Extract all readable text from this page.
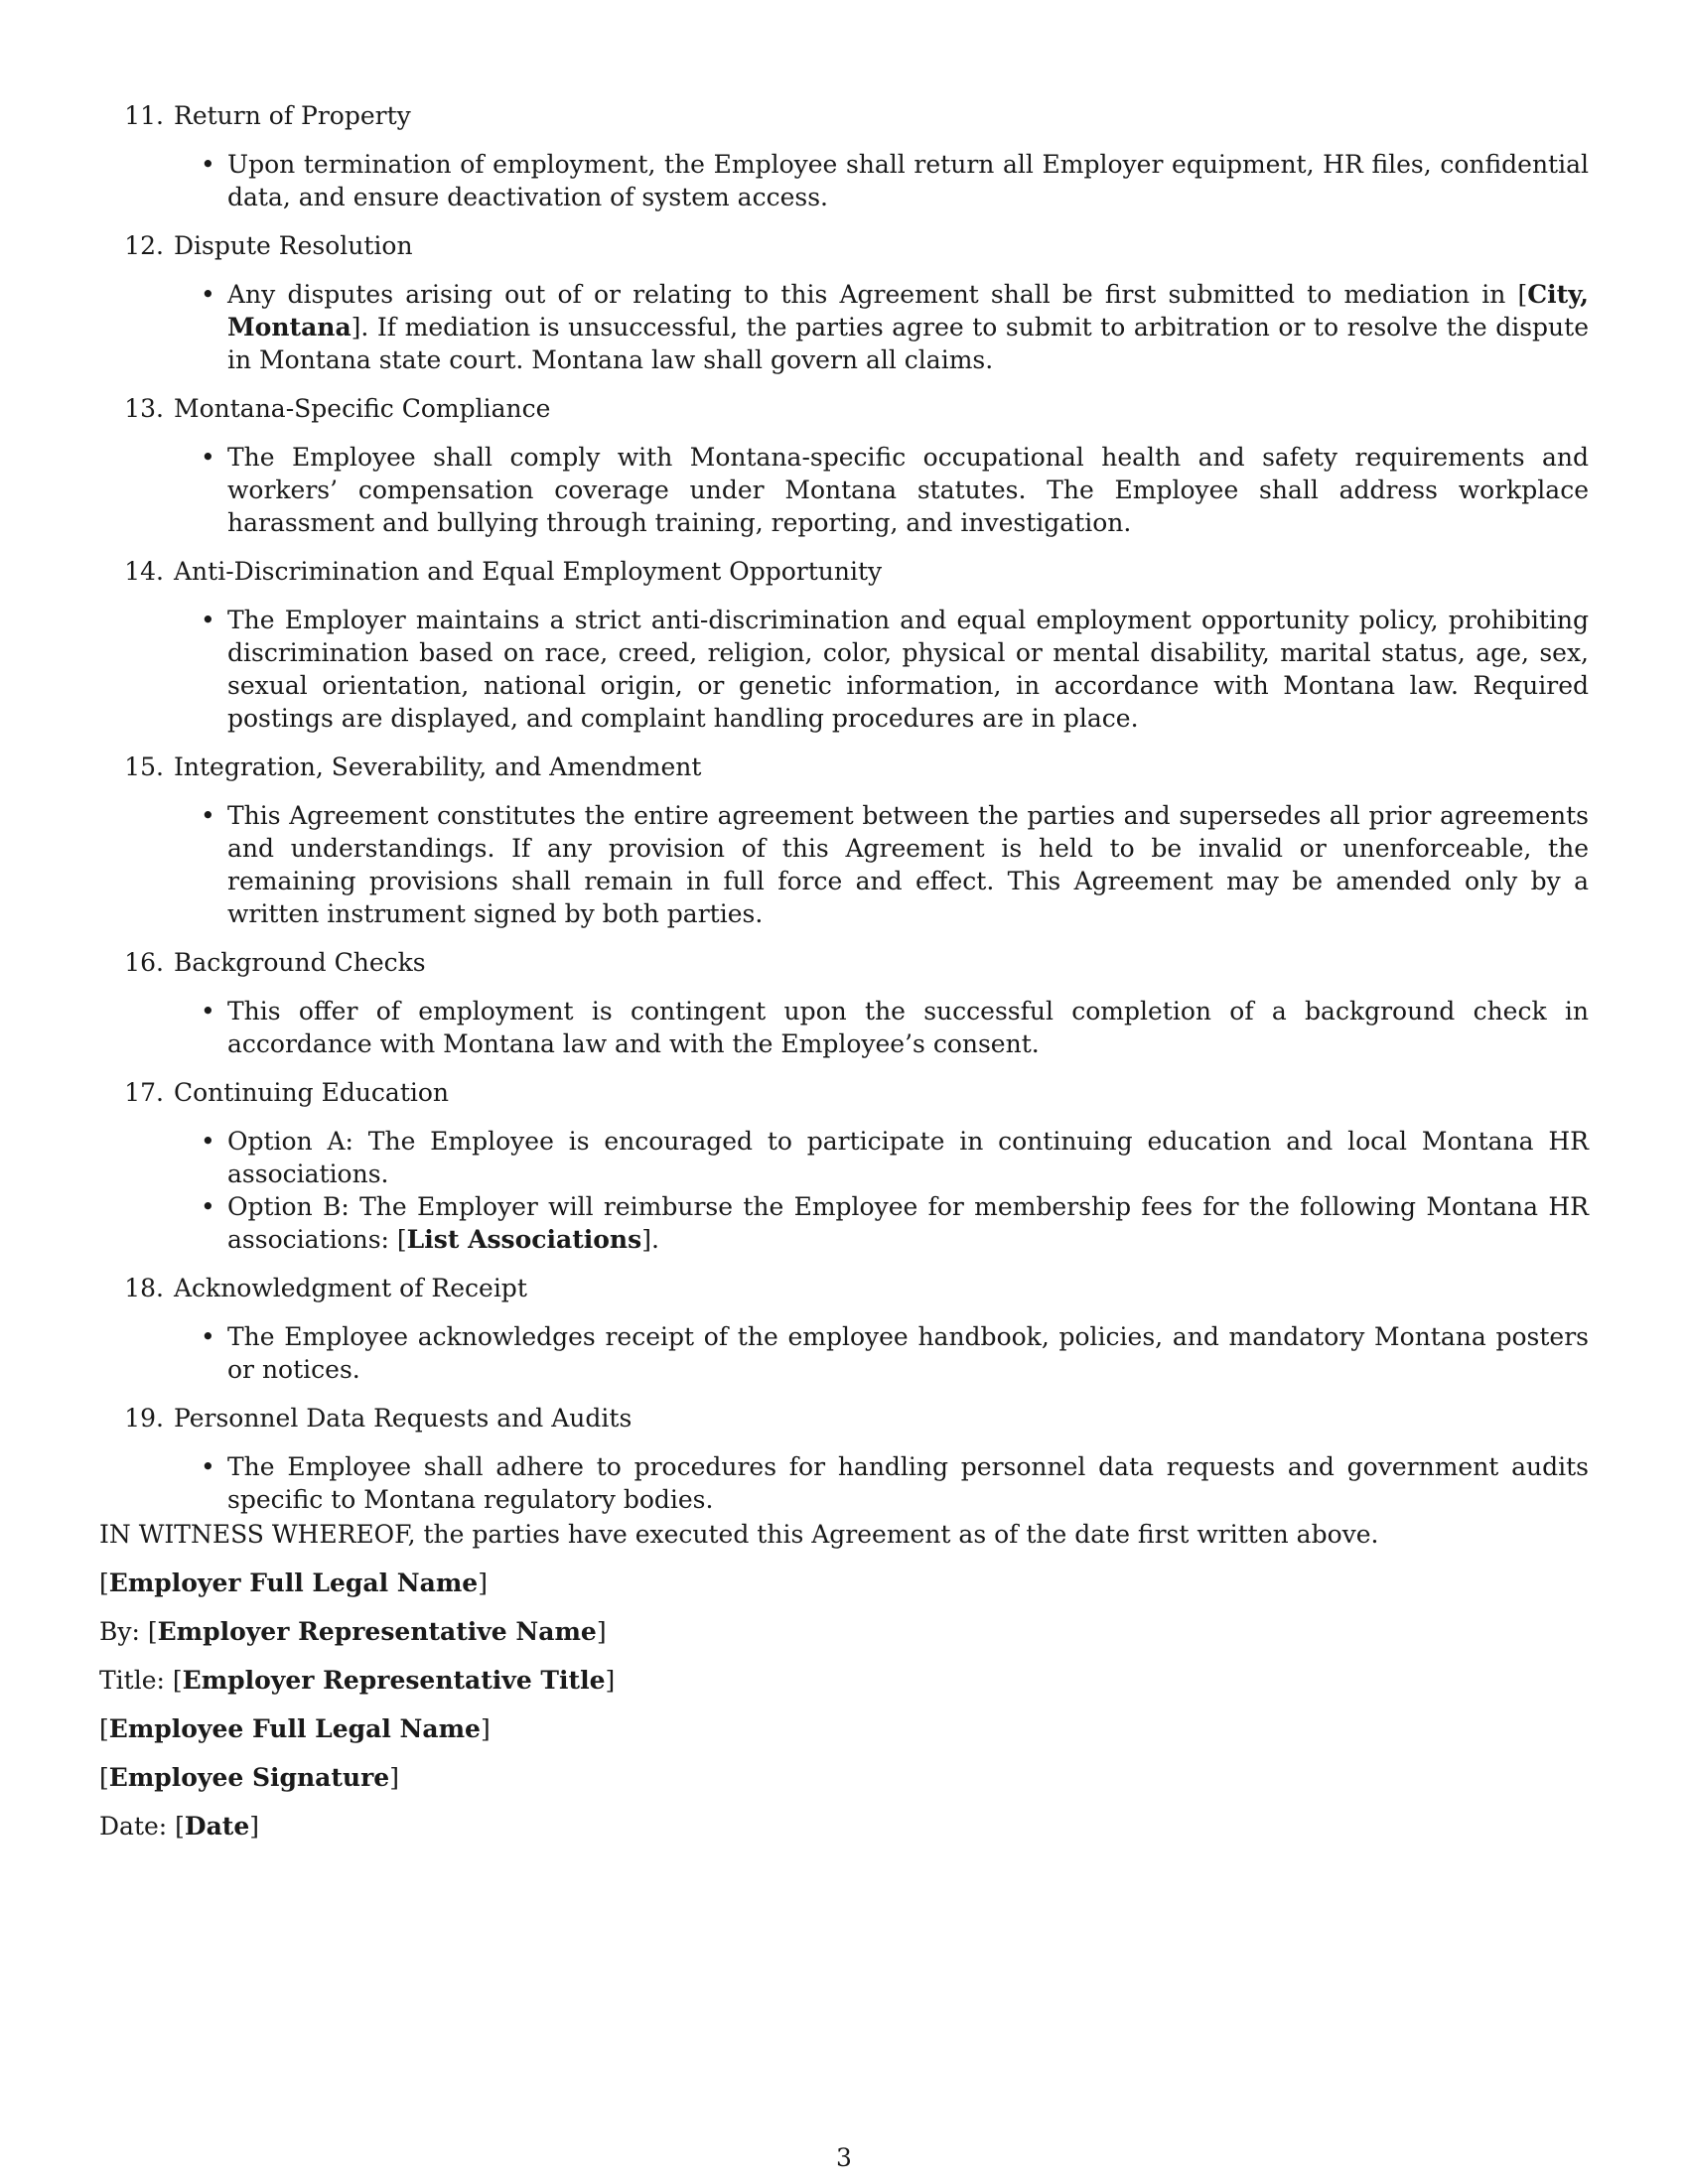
11. Return of Property
• Upon termination of employment, the Employee shall return all Employer equipment, HR files, confidential data, and ensure deactivation of system access.
12. Dispute Resolution
• Any disputes arising out of or relating to this Agreement shall be first submitted to mediation in [City, Montana]. If mediation is unsuccessful, the parties agree to submit to arbitration or to resolve the dispute in Montana state court. Montana law shall govern all claims.
13. Montana-Specific Compliance
• The Employee shall comply with Montana-specific occupational health and safety requirements and workers’ compensation coverage under Montana statutes. The Employee shall address workplace harassment and bullying through training, reporting, and investigation.
14. Anti-Discrimination and Equal Employment Opportunity
• The Employer maintains a strict anti-discrimination and equal employment opportunity policy, prohibiting discrimination based on race, creed, religion, color, physical or mental disability, marital status, age, sex, sexual orientation, national origin, or genetic information, in accordance with Montana law. Required postings are displayed, and complaint handling procedures are in place.
15. Integration, Severability, and Amendment
• This Agreement constitutes the entire agreement between the parties and supersedes all prior agreements and understandings. If any provision of this Agreement is held to be invalid or unenforceable, the remaining provisions shall remain in full force and effect. This Agreement may be amended only by a written instrument signed by both parties.
16. Background Checks
• This offer of employment is contingent upon the successful completion of a background check in accordance with Montana law and with the Employee’s consent.
17. Continuing Education
• Option A: The Employee is encouraged to participate in continuing education and local Montana HR associations.
• Option B: The Employer will reimburse the Employee for membership fees for the following Montana HR associations: [List Associations].
18. Acknowledgment of Receipt
• The Employee acknowledges receipt of the employee handbook, policies, and mandatory Montana posters or notices.
19. Personnel Data Requests and Audits
• The Employee shall adhere to procedures for handling personnel data requests and government audits specific to Montana regulatory bodies.

IN WITNESS WHEREOF, the parties have executed this Agreement as of the date first written above.

[Employer Full Legal Name]

By: [Employer Representative Name]

Title: [Employer Representative Title]

[Employee Full Legal Name]

[Employee Signature]

Date: [Date]

3
